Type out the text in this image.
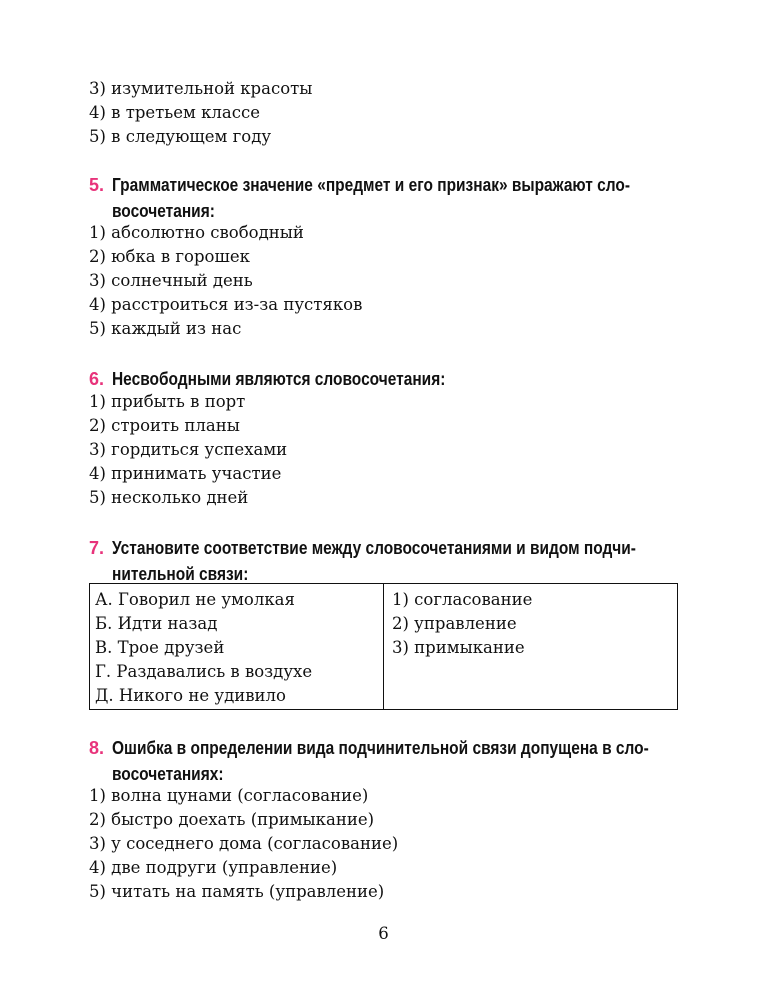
3) изумительной красоты
4) в третьем классе
5) в следующем году
5. Грамматическое значение «предмет и его признак» выражают сло-
восочетания:
1) абсолютно свободный
2) юбка в горошек
3) солнечный день
4) расстроиться из-за пустяков
5) каждый из нас
6. Несвободными являются словосочетания:
1) прибыть в порт
2) строить планы
3) гордиться успехами
4) принимать участие
5) несколько дней
7. Установите соответствие между словосочетаниями и видом подчи-
нительной связи:
А. Говорил не умолкая
Б. Идти назад
В. Трое друзей
Г. Раздавались в воздухе
Д. Никого не удивило
1) согласование
2) управление
3) примыкание
8. Ошибка в определении вида подчинительной связи допущена в сло-
восочетаниях:
1) волна цунами (согласование)
2) быстро доехать (примыкание)
3) у соседнего дома (согласование)
4) две подруги (управление)
5) читать на память (управление)
6
